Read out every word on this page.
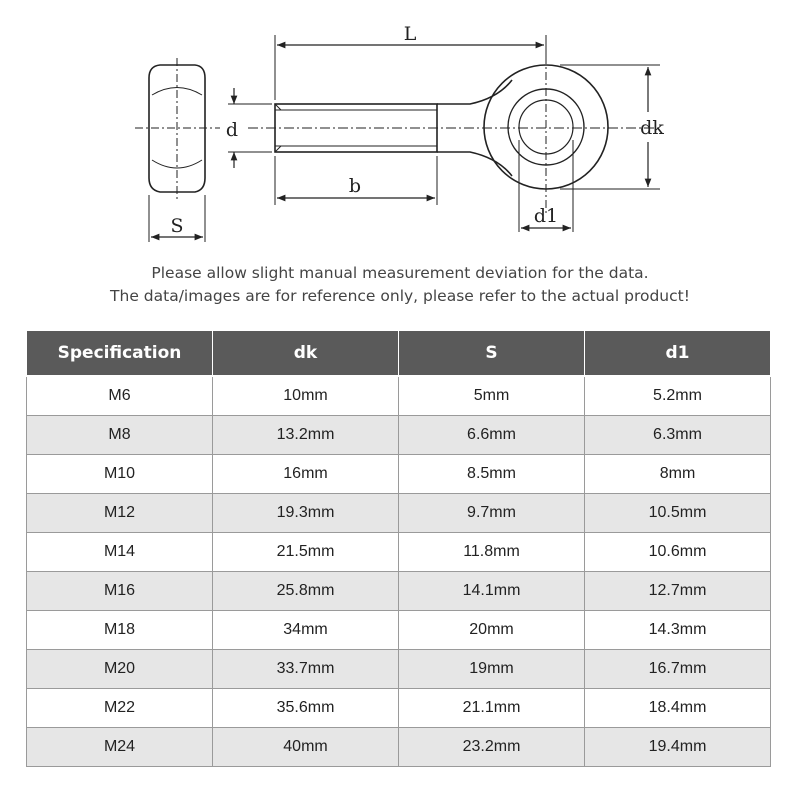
S
L
b
d	dk
d1
Please allow slight manual measurement deviation for the data.
The data/images are for reference only, please refer to the actual product!
Specification	dk	S	d1
M6	10mm	5mm	5.2mm
M8	13.2mm	6.6mm	6.3mm
M10	16mm	8.5mm	8mm
M12	19.3mm	9.7mm	10.5mm
M14	21.5mm	11.8mm	10.6mm
M16	25.8mm	14.1mm	12.7mm
M18	34mm	20mm	14.3mm
M20	33.7mm	19mm	16.7mm
M22	35.6mm	21.1mm	18.4mm
M24	40mm	23.2mm	19.4mm
